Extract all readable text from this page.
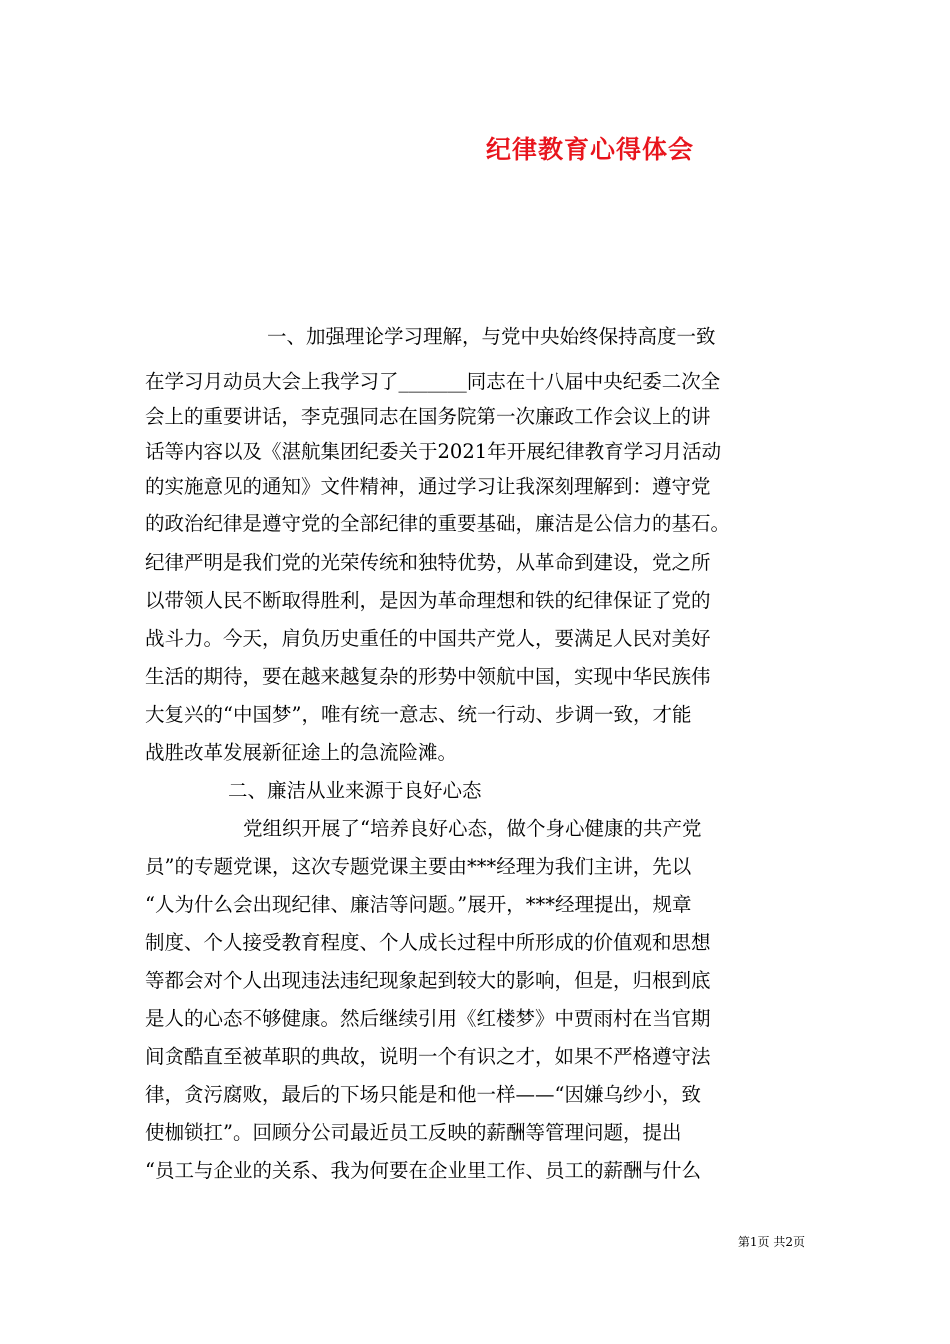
纪律教育心得体会

一、加强理论学习理解，与党中央始终保持高度一致

在学习月动员大会上我学习了_______同志在十八届中央纪委二次全

会上的重要讲话，李克强同志在国务院第一次廉政工作会议上的讲

话等内容以及《湛航集团纪委关于2021年开展纪律教育学习月活动

的实施意见的通知》文件精神，通过学习让我深刻理解到：遵守党

的政治纪律是遵守党的全部纪律的重要基础，廉洁是公信力的基石。

纪律严明是我们党的光荣传统和独特优势，从革命到建设，党之所

以带领人民不断取得胜利，是因为革命理想和铁的纪律保证了党的

战斗力。今天，肩负历史重任的中国共产党人，要满足人民对美好

生活的期待，要在越来越复杂的形势中领航中国，实现中华民族伟

大复兴的“中国梦”，唯有统一意志、统一行动、步调一致，才能

战胜改革发展新征途上的急流险滩。

二、廉洁从业来源于良好心态

党组织开展了“培养良好心态，做个身心健康的共产党

员”的专题党课，这次专题党课主要由***经理为我们主讲，先以

“人为什么会出现纪律、廉洁等问题。”展开，***经理提出，规章

制度、个人接受教育程度、个人成长过程中所形成的价值观和思想

等都会对个人出现违法违纪现象起到较大的影响，但是，归根到底

是人的心态不够健康。然后继续引用《红楼梦》中贾雨村在当官期

间贪酷直至被革职的典故，说明一个有识之才，如果不严格遵守法

律，贪污腐败，最后的下场只能是和他一样——“因嫌乌纱小，致

使枷锁扛”。回顾分公司最近员工反映的薪酬等管理问题，提出

“员工与企业的关系、我为何要在企业里工作、员工的薪酬与什么

第1页 共2页
